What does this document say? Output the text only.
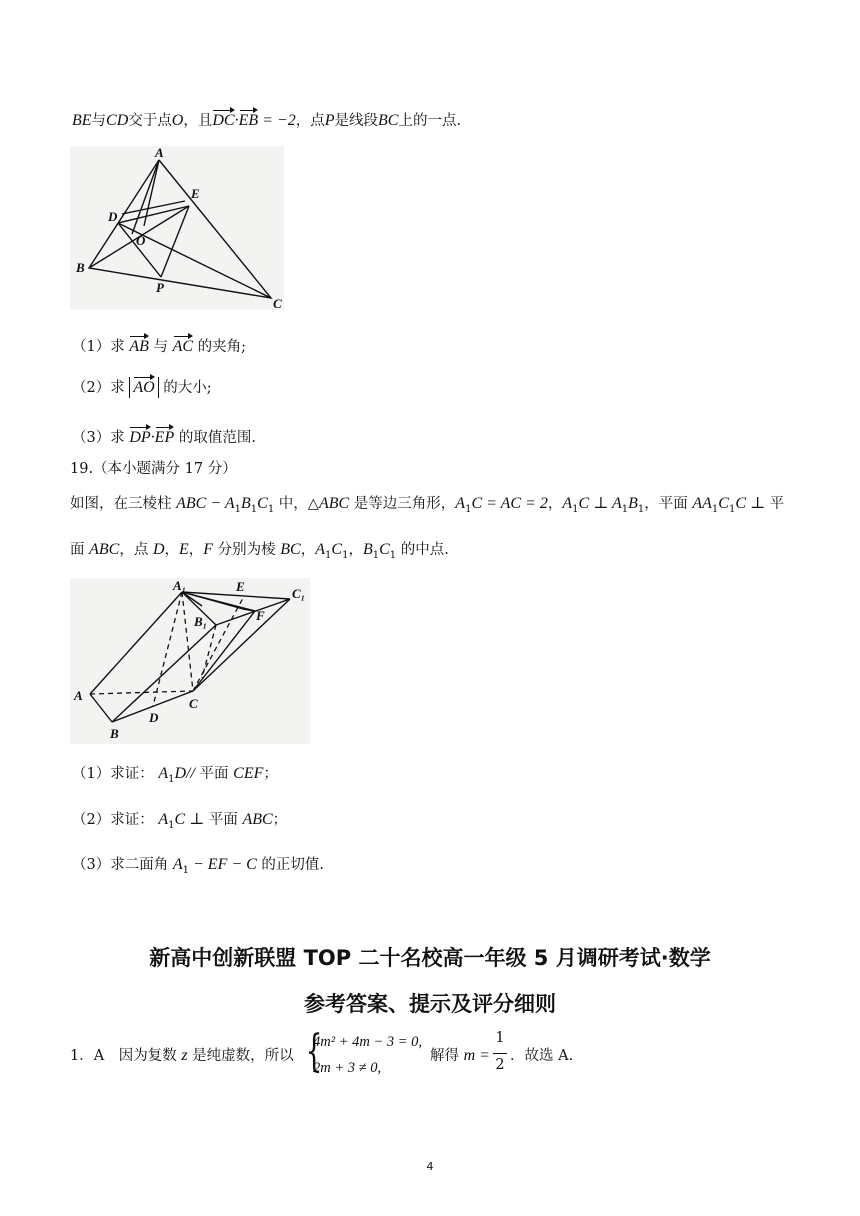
BE与CD交于点O，且DC·EB = −2，点P是线段BC上的一点.
A
B
C
D
E
O
P
（1）求 AB 与 AC 的夹角;
（2）求 AO 的大小;
（3）求 DP·EP 的取值范围.
19.（本小题满分 17 分）
如图，在三棱柱 ABC − $A_1B_1C_1$ 中，△ABC 是等边三角形，$A_1C$ = AC = 2，$A_1C$ ⊥ $A_1B_1$，平面 $AA_1C_1C$ ⊥ 平
面 ABC，点 D，E，F 分别为棱 BC，$A_1C_1$，$B_1C_1$ 的中点.
A₁	E	C₁
B₁	F
A
C
D
B
（1）求证： $A_1D//$ 平面 CEF；
（2）求证： $A_1C$ ⊥ 平面 ABC；
（3）求二面角 $A_1$ − EF − C 的正切值.
新高中创新联盟 TOP 二十名校高一年级 5 月调研考试·数学
参考答案、提示及评分细则
1．A　因为复数 z 是纯虚数，所以 {
4m² + 4m − 3 = 0,
2m + 3 ≠ 0,
解得 m =
1
2
．故选 A.
4
